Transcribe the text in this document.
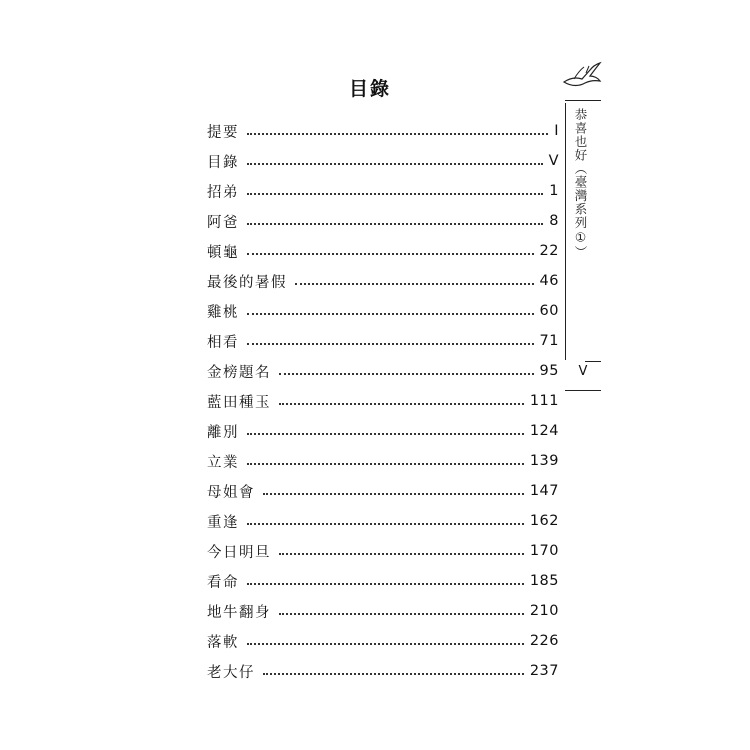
目錄
提要	I
目錄	V
招弟	1
阿爸	8
頓龜	22
最後的暑假	46
雞桃	60
相看	71
金榜題名	95
藍田種玉	111
離別	124
立業	139
母姐會	147
重逢	162
今日明旦	170
看命	185
地牛翻身	210
落軟	226
老大仔	237
恭喜也好（臺灣系列①）
V
